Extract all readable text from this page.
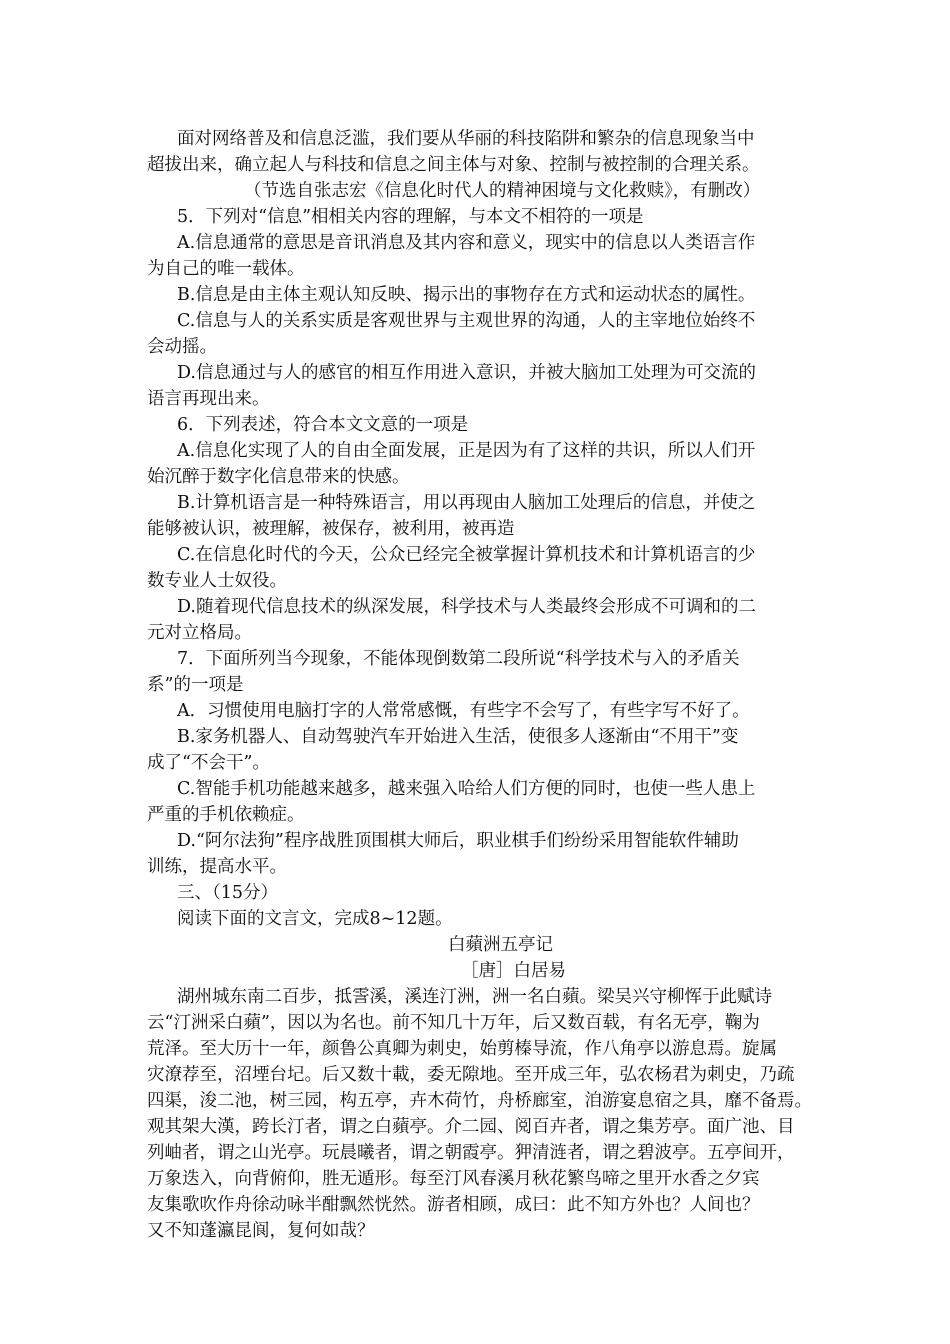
面对网络普及和信息泛滥，我们要从华丽的科技陷阱和繁杂的信息现象当中
超拔出来，确立起人与科技和信息之间主体与对象、控制与被控制的合理关系。
（节选自张志宏《信息化时代人的精神困境与文化救赎》，有删改）
5．下列对“信息”相相关内容的理解，与本文不相符的一项是
A.信息通常的意思是音讯消息及其内容和意义，现实中的信息以人类语言作
为自己的唯一载体。
B.信息是由主体主观认知反映、揭示出的事物存在方式和运动状态的属性。
C.信息与人的关系实质是客观世界与主观世界的沟通，人的主宰地位始终不
会动摇。
D.信息通过与人的感官的相互作用进入意识，并被大脑加工处理为可交流的
语言再现出来。
6．下列表述，符合本文文意的一项是
A.信息化实现了人的自由全面发展，正是因为有了这样的共识，所以人们开
始沉醉于数字化信息带来的快感。
B.计算机语言是一种特殊语言，用以再现由人脑加工处理后的信息，并使之
能够被认识，被理解，被保存，被利用，被再造
C.在信息化时代的今天，公众已经完全被掌握计算机技术和计算机语言的少
数专业人士奴役。
D.随着现代信息技术的纵深发展，科学技术与人类最终会形成不可调和的二
元对立格局。
7．下面所列当今现象，不能体现倒数第二段所说“科学技术与入的矛盾关
系”的一项是
A．习惯使用电脑打字的人常常感慨，有些字不会写了，有些字写不好了。
B.家务机器人、自动驾驶汽车开始进入生活，使很多人逐渐由“不用干”变
成了“不会干”。
C.智能手机功能越来越多，越来强入哈给人们方便的同时，也使一些人患上
严重的手机依赖症。
D.“阿尔法狗”程序战胜顶围棋大师后，职业棋手们纷纷采用智能软件辅助
训练，提高水平。
三、（15分）
阅读下面的文言文，完成8~12题。
白蘋洲五亭记
［唐］白居易
湖州城东南二百步，抵霅溪，溪连汀洲，洲一名白蘋。梁吴兴守柳恽于此赋诗
云“汀洲采白蘋”，因以为名也。前不知几十万年，后又数百载，有名无亭，鞠为
荒泽。至大历十一年，颜鲁公真卿为刺史，始剪榛导流，作八角亭以游息焉。旋属
灾潦荐至，沼堙台圮。后又数十載，委无隙地。至开成三年，弘农杨君为刺史，乃疏
四渠，浚二池，树三园，构五亭，卉木荷竹，舟桥廊室，洎游宴息宿之具，靡不备焉。
观其架大漢，跨长汀者，谓之白蘋亭。介二园、阅百卉者，谓之集芳亭。面广池、目
列岫者，谓之山光亭。玩晨曦者，谓之朝霞亭。狎清涟者，谓之碧波亭。五亭间开，
万象迭入，向背俯仰，胜无遁形。每至汀风春溪月秋花繁鸟啼之里开水香之夕宾
友集歌吹作舟徐动咏半酣飘然恍然。游者相顾，成曰：此不知方外也？人间也？
又不知蓬瀛昆阆，复何如哉？
